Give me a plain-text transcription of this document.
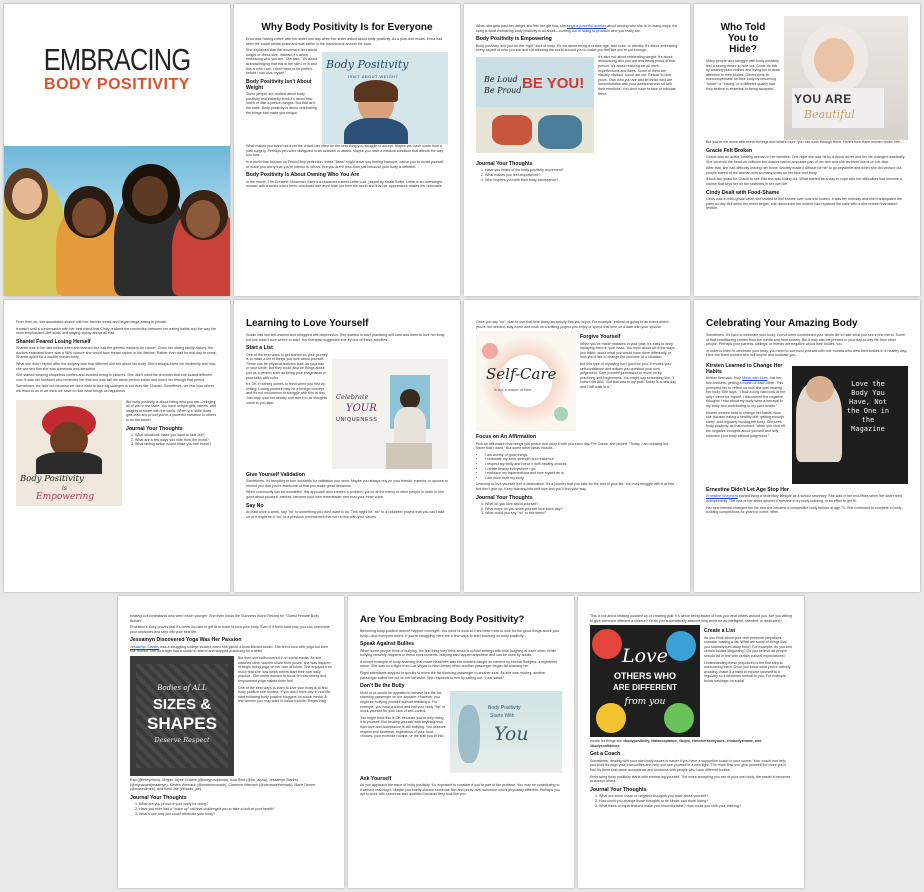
EMBRACING
BODY POSITIVITY
Why Body Positivity Is for Everyone

Erica was having coffee with her sister one day when her sister asked about body positivity. As a plus-size model, Erica had seen the social media posts and was active in the discussions around the topic.

She explained that the movement isn't about weight or dress size. Instead, it's about embracing who you are. She said, "It's about acknowledging that this is the skin I'm in and this is who I am. I don't have to be perfect before I can love myself."

Body Positivity Isn't About Weight

Some people are content about body positivity and instantly think it's about how much or little a person weighs. But that isn't the case. Body positivity is about celebrating the things that make you unique.

Body Positivity
ISN'T ABOUT WEIGHT

What makes you stand out from the crowd can often be the very thing you struggle to accept. Maybe you have scars from a past surgery. Perhaps you were disfigured in an accident or attack. Maybe you have a medical condition that affects the way you look.

In a world that focuses on PhotoShop perfection, these "flaws" might leave you feeling insecure, cause you to doubt yourself, or make you worry that you're inferior to others. But you aren't less-than just because your body is different.

Body Positivity Is About Owning Who You Are

In the movie, The Greatest Showman, there's a character names Lettie Lutz, played by Keala Settle. Lettie is an overweight woman with a beard who's been convinced she must hide out from the world and that her appearance makes her unlovable.

When she gets past her weight and lets her gift flow, she sings a powerful number about owning who she is. In many ways, the song is what embracing body positivity is all about—coming out of hiding to proclaim who you really are.

Body Positivity is Empowering

Body positivity isn't just for the "right" kind of body. It's not about being a certain age, skin color, or identity. It's about embracing every aspect of who you are and not allowing the world around you to make you feel like you're not enough.

Be Loud
Be Proud BE YOU!

It's also not about celebrating weight. It's about announcing who you are and being proud of that person. It's about realizing we all have imperfections and flaws. Some of them are visually obvious, some are not. Refuse to hide yours. Own who you are and let those who are uncomfortable with your awesomeness sit with their emotions. You don't have to take or educate them.

Journal Your Thoughts
1. Have you heard of the body positivity movement?
2. What makes you feel empowered?
3. Who inspires you with their body acceptance?
Who Told
You to
Hide?

Many people who struggle with body positivity feel a strong desire to hide out. Some do this by wearing plain clothes and trying not to draw attention to their bodies. Others work to overcompensate for their body by becoming "smart" or "strong" or a different quality that they believe is essential to being accepted.

YOU ARE
Beautiful

But you're not alone with these feelings and what's more, you can work through them. Here's how three women broke free...

Gracie Felt Broken

Gracie was an active, healthy woman in her twenties. One night she was hit by a drunk driver and her life changed drastically. She survived the head-on collision but doctors had to amputate part of her arm and she received burns on her face.

After that, she had difficulty leaving her home. Anxiety made it difficult for her to go anywhere and when she did venture out, people stared at the woman with so many scars on her face and body.

It took two years for Gracie to see that she was hiding out. What started as a way to cope with her difficulties had become a routine that kept her on the sidelines in her own life.

Cindy Dealt with Food-Shame

Cindy was in third-grade when she started to feel shame over how she looked. It was her birthday and she'd anticipated the party all day. But when the event began, she discovered her mother had replaced the cake with a diet version that tasted terrible.

From then on, she associated shame with her favorite treats and began binge-eating in private.

It wasn't until a conversation with her best friend that Cindy realized the connection between her eating habits and the way her mom emphasized diet foods and staying skinny above all else.

Shantel Feared Losing Herself

Shantel was in her late forties when she learned she had the genetic markers for cancer. Given her strong family history, the doctors estimated there was a 98% chance she would face breast cancer in her lifetime. Rather than wait for that day to come, Shantel opted for a double mastectomy.

What she didn't expect after the surgery was how different she felt about her body. She'd always loved her femininity and now, she worried that she was somehow less attractive.

She started wearing shapeless clothes and avoided being in pictures. She didn't want the reminder that she looked different now. It was her husband who reminded her that she was still the same person inside and loved her through that period.

Sometimes, we hide out because we don't want to face big changes in our lives like Shantel. Sometimes, we fear how others will react to us or we think we have to hide what brings us happiness.

Body Positivity
is
Empowering

But body positivity is about being who you are—bringing all of you to the table. You have unique gifts, talents, and insights to share with the world. When you stifle those gifts lead and proud you're a powerful invitation to others to do the same!

Journal Your Thoughts
1. What situations make you want to hide out?
2. What are a few ways you hide from the world?
3. What lasting action would make you feel brave?
Learning to Love Yourself

Susan had low self-esteem and struggled with depression. She wanted to start practicing self-care and learn to love her body but she wasn't sure where to start. Her therapist suggested she try one of these activities...

Start a List

One of the best ways to get started on your journey is to make a list of things you love about yourself. These can be physical features such as your hair or your smile. But they could also be things about you as a person such as being your imagination or your skills with color.

It's OK if nothing comes to mind when you first try writing. Loving yourself may be a foreign concept and it's not uncommon to struggle with this at first. Just keep your list nearby and add it to as thoughts come to you later.

Celebrate
YOUR
UNIQUENESS
Give Yourself Validation

Sometimes, it's tempting to turn outwards for validation you need. Maybe you always rely on your friends, parents, or spouse to remind you that you're awesome or that you make great decisions.

While community can be wonderful, this approach also creates a problem: you're at the mercy of other people in order to feel good about yourself. Instead, become your own cheerleader and trust your inner voice.

Say No

At least once a week, say "no" to something you don't want to do. This might be "no" to a volunteer project that you can't take on or it might be a "no" to a previous commitment that isn't in line with your values.

Once you say "no", plan to use that time doing an activity that you enjoy. For example, instead of going to an event where you're not needed, stay home and work on a knitting project you enjoy or spend that time on a date with your spouse.

Self-Care
is not a waste of time
Forgive Yourself

When you've made mistakes in your past, it's easy to keep replaying them in your head. You think about all of the ways you failed, about what you would have done differently, or how you'd like to change the outcome of a situation.

But this type of replaying isn't good for you. It erodes your self-confidence and makes you question your own judgement. Give yourself permission to move on by practicing self-forgiveness. You might say something like, "I knew I did ABC. But that was in my past. Today is a new day and I will walk in it."

Focus on An Affirmation

Pick an affirmation that brings you peace and carry it with you each day. For Susan, she picked: "Today, I am creating the future that I want." But some other ideas include...

• I am worthy of good things.
• I celebrate my inner strength and resilience.
• I respect my body and honor it with healthy choices.
• I create beauty everywhere I go.
• I embrace my imperfections and love myself as is.
• I am more than my body.

Learning to love yourself isn't a destination. It's a journey that you take for the rest of your life. You may struggle with it at first but don't give up. Keep learning into self-love and you'll find your way.

Journal Your Thoughts
1. What do you love about yourself?
2. What ways do you show yourself love each day?
3. What could you say "no" to this week?
Celebrating Your Amazing Body

Sometimes, it's hard to celebrate your body. You've been conditioned your whole life to hate what you see in the mirror. Some of that conditioning comes from the media and from society. But it may also be present in your day-to-day life from other people. Perhaps your parents, siblings, or friends are negative about their bodies, too.

In order to learn to celebrate your body, you need to surround yourself with role models who view their bodies in a healthy way. Here are three women who will inspire and motivate you...

Kirsten Learned to Change Her Habits

Kirsten Wemack, from Moon with Mum, lost her two brothers, getting a month of each other. This prompted her to reflect on how she was treating her body. She says, "I took a long hard look at the way I cared for myself. I discovered the negative thoughts I had about my body were a betrayal to my body and contributing to my poor health."

Kirsten worked hard to change her habits. Now, she focuses eating a healthy diet, getting enough sleep, and regularly moving her body. She sees body positivity as that moment "when you shut off the negative thoughts about yourself and fully embrace your body without judgement."

Love the Body You Have, Not the One in the Magazine
Ernestine Didn't Let Age Stop Her

Ernestine Shepherd started living a sedentary lifestyle as a school secretary. She was in her mid-fifties when her sister died unexpectedly. The loss of her sister spurred Ernestine to try body-building, in an effort to get fit.

Her new interest changed her life and she became a competitive body builder at age 71. She continued to compete in body-building competitions for years to come, often

beating out contestants who were much younger. She even holds the Guinness World Record for "Oldest Female Body Builder".

Ernestine's story proves that it's never too late to get fit or learn to love your body. Even if it feels hard now, you can overcome your obstacles and step into your best life.

Jessamyn Discovered Yoga Was Her Passion

Jessamyn Stanley was a struggling college student when she joined a local Bikram studio. She fell in love with yoga but then she moved. She no longer had a studio to attend and stopped practicing for a while.

Bodies of ALL
SIZES &
SHAPES
Deserve Respect

But then she rediscovered it on social media. As she watched other women share their poses, she was inspired to begin doing yoga on her own at home. She enjoyed it so much that she now helps others start their own daily practice. She wants women to focus on how strong and empowered yoga makes them feel.

One of the best ways to learn to love your body is to find body positive role models. If you don't have any in real life, start following body positive bloggers on social media. A few women you may want to follow include: Regini Nag

Rao (@thirtyinfurs), Megan Jayne Crabbe (@bodyposipanda), Isha Reid (@for_aisha), Jessamyn Stanley (@mynameisjessamyn), Kirsten Wemack (@kirstenwomack), Clarenne Wemack (@cleowwethemack), Marie Denee (@mariedenee), and Kelsi Jae (@bolds_jae).

Journal Your Thoughts
1. What are you proud of your body for doing?
2. Have you ever had a "wake up" call that challenged you to take a look at your health?
3. What's one way you could celebrate your body?
Are You Embracing Body Positivity?

Becoming body positive doesn't happen overnight. You need to work at it and learn how to look for the good things about your body—and everyone else's. If you're struggling, here are a few ways to start focusing on body positivity...

Speak Against Bullies

When some people think of bullying, the first thing they think about is school settings with kids laughing at each other. While bullying certainly happens in these environments, bullying can happen anywhere and can be done by adults.

A recent example of body-shaming that made headlines was the incident caught on camera by Nonna Rodgers, a registered nurse. She was on a flight from Las Vegas to New Jersey when another passenger began fat-shaming her.

Flight attendants stepped in quickly to move the fat-shaming passenger to another seat. As she was moving, another passenger called her out on her behavior. She responds to him by calling out, "I eat salad."

Don't Be the Bully

Most of us would be appalled to behave like the fat-shaming passenger on the airplane. However, you might be bullying yourself without realizing it. For example, you have a donut and call your body "fat" or mock yourself for your lack of self-control.

You might think this is OK because you're only doing it to yourself. But treating yourself with anything less than love and acceptance is still bullying. You deserve respect and kindness, regardless of your food choices, your exercise routine, or the size you fit into.

Body Positivity
Starts With
You
Ask Yourself

As you approach the issue of body positivity, it's important to consider if you're part of the problem. You may be contributing to it without realizing it. Maybe you subtly choose someone thin and pretty over someone who's physically different. Perhaps you opt to work with someone less qualified because they look like you.

This is not about beating yourself up or creating guilt. It's about being aware of how you treat others around you. Are you willing to give someone different a chance? Or do you automatically assume they won't be as intelligent, talented, or dedicated?

Love
OTHERS WHO
ARE DIFFERENT
from you
Create a List

As you think about your own personal prejudices, consider making a list. What are some of things that you naturally turn away from? For example, do you find certain bodies disgusting? Do you believe all people should fall in line with certain cultural expectations?

Understanding these prejudices is the first step to overcoming them. Once you know what you're actively avoiding, make it a habit to expose yourself to it regularly so it becomes normal to you. For example, follow hashtags on social

media for things like #bodypositivity, #fatacceptance, #bopo, #loveherasimyours, #nobodyshame, and #bodyconfidence.

Get a Coach

Sometimes, dealing with your own body issues is easier if you have a supportive coach in your corner. Your coach can help you work through your insecurities and help you see yourself in a new light. The more time you give yourself the more you'll find it's there that same acceptance and kindness with people who have different bodies.

Embracing body positivity starts with embracing yourself. The more accepting you are of your own body, the easier it becomes to accept others.

Journal Your Thoughts
1. What are some mean or negative thoughts you have about yourself?
2. How could you change those thoughts to be kinder and more loving?
3. What flaws or imperfections make you uncomfortable? How could you shift your thinking?
